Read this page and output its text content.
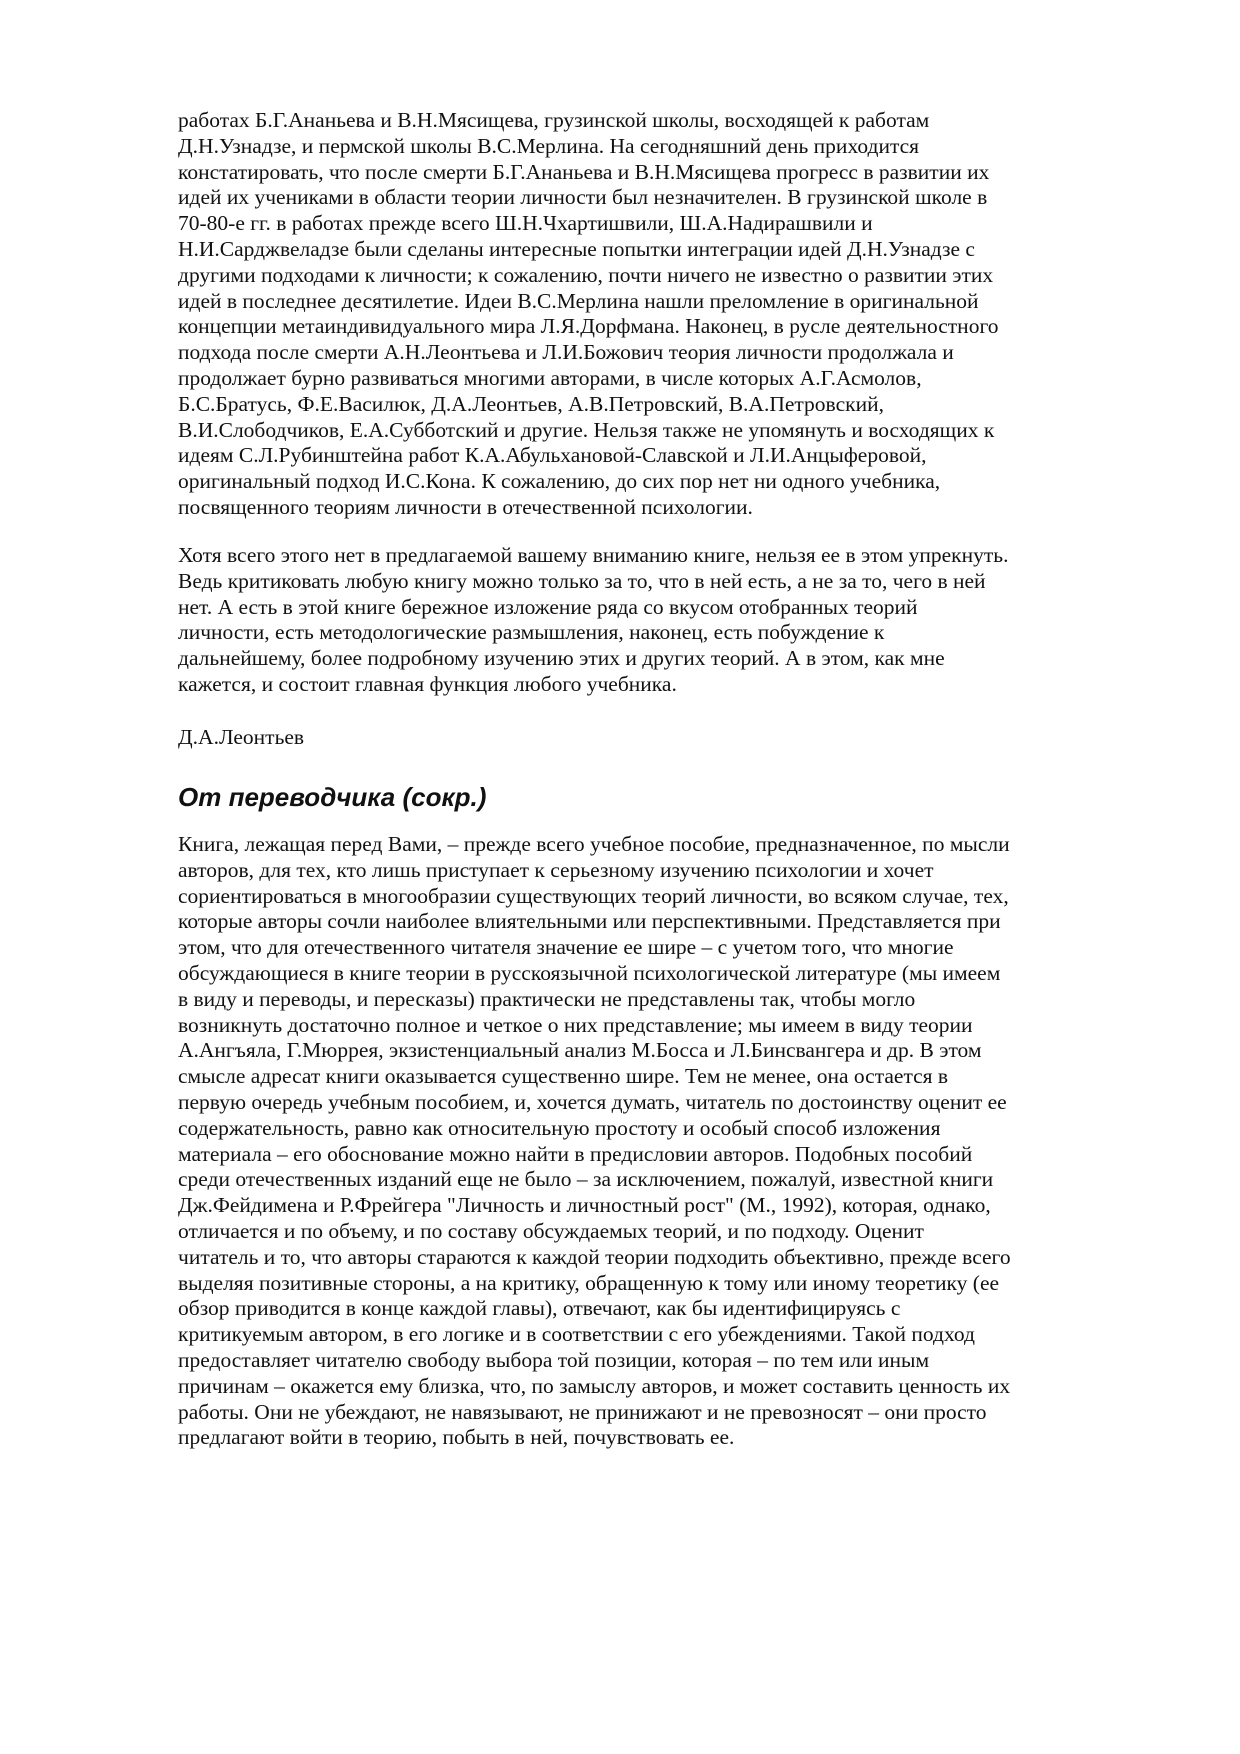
работах Б.Г.Ананьева и В.Н.Мясищева, грузинской школы, восходящей к работам
Д.Н.Узнадзе, и пермской школы В.С.Мерлина. На сегодняшний день приходится
констатировать, что после смерти Б.Г.Ананьева и В.Н.Мясищева прогресс в развитии их
идей их учениками в области теории личности был незначителен. В грузинской школе в
70-80-е гг. в работах прежде всего Ш.Н.Чхартишвили, Ш.А.Надирашвили и
Н.И.Сарджвеладзе были сделаны интересные попытки интеграции идей Д.Н.Узнадзе с
другими подходами к личности; к сожалению, почти ничего не известно о развитии этих
идей в последнее десятилетие. Идеи В.С.Мерлина нашли преломление в оригинальной
концепции метаиндивидуального мира Л.Я.Дорфмана. Наконец, в русле деятельностного
подхода после смерти А.Н.Леонтьева и Л.И.Божович теория личности продолжала и
продолжает бурно развиваться многими авторами, в числе которых А.Г.Асмолов,
Б.С.Братусь, Ф.Е.Василюк, Д.А.Леонтьев, А.В.Петровский, В.А.Петровский,
В.И.Слободчиков, Е.А.Субботский и другие. Нельзя также не упомянуть и восходящих к
идеям С.Л.Рубинштейна работ К.А.Абульхановой-Славской и Л.И.Анцыферовой,
оригинальный подход И.С.Кона. К сожалению, до сих пор нет ни одного учебника,
посвященного теориям личности в отечественной психологии.
Хотя всего этого нет в предлагаемой вашему вниманию книге, нельзя ее в этом упрекнуть.
Ведь критиковать любую книгу можно только за то, что в ней есть, а не за то, чего в ней
нет. А есть в этой книге бережное изложение ряда со вкусом отобранных теорий
личности, есть методологические размышления, наконец, есть побуждение к
дальнейшему, более подробному изучению этих и других теорий. А в этом, как мне
кажется, и состоит главная функция любого учебника.
Д.А.Леонтьев
От переводчика (сокр.)
Книга, лежащая перед Вами, – прежде всего учебное пособие, предназначенное, по мысли
авторов, для тех, кто лишь приступает к серьезному изучению психологии и хочет
сориентироваться в многообразии существующих теорий личности, во всяком случае, тех,
которые авторы сочли наиболее влиятельными или перспективными. Представляется при
этом, что для отечественного читателя значение ее шире – с учетом того, что многие
обсуждающиеся в книге теории в русскоязычной психологической литературе (мы имеем
в виду и переводы, и пересказы) практически не представлены так, чтобы могло
возникнуть достаточно полное и четкое о них представление; мы имеем в виду теории
А.Ангъяла, Г.Мюррея, экзистенциальный анализ М.Босса и Л.Бинсвангера и др. В этом
смысле адресат книги оказывается существенно шире. Тем не менее, она остается в
первую очередь учебным пособием, и, хочется думать, читатель по достоинству оценит ее
содержательность, равно как относительную простоту и особый способ изложения
материала – его обоснование можно найти в предисловии авторов. Подобных пособий
среди отечественных изданий еще не было – за исключением, пожалуй, известной книги
Дж.Фейдимена и Р.Фрейгера "Личность и личностный рост" (М., 1992), которая, однако,
отличается и по объему, и по составу обсуждаемых теорий, и по подходу. Оценит
читатель и то, что авторы стараются к каждой теории подходить объективно, прежде всего
выделяя позитивные стороны, а на критику, обращенную к тому или иному теоретику (ее
обзор приводится в конце каждой главы), отвечают, как бы идентифицируясь с
критикуемым автором, в его логике и в соответствии с его убеждениями. Такой подход
предоставляет читателю свободу выбора той позиции, которая – по тем или иным
причинам – окажется ему близка, что, по замыслу авторов, и может составить ценность их
работы. Они не убеждают, не навязывают, не принижают и не превозносят – они просто
предлагают войти в теорию, побыть в ней, почувствовать ее.
